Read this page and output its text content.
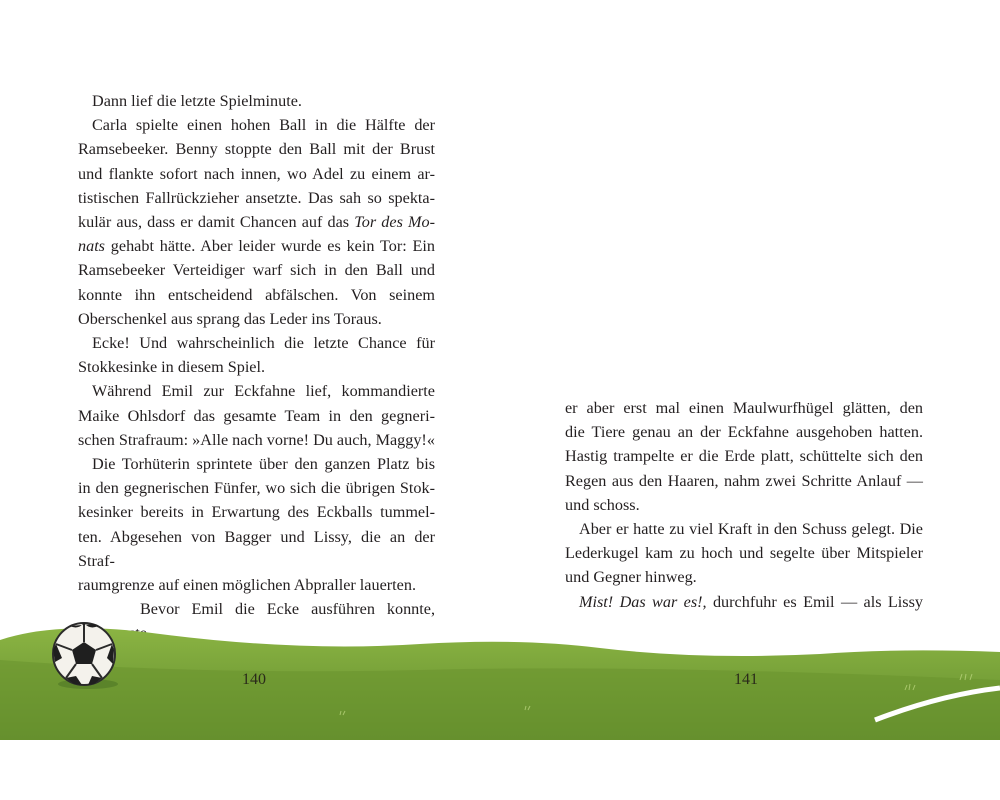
Dann lief die letzte Spielminute.

Carla spielte einen hohen Ball in die Hälfte der
Ramsebeeker. Benny stoppte den Ball mit der Brust
und flankte sofort nach innen, wo Adel zu einem ar-
tistischen Fallrückzieher ansetzte. Das sah so spekta-
kulär aus, dass er damit Chancen auf das Tor des Mo-
nats gehabt hätte. Aber leider wurde es kein Tor: Ein
Ramsebeeker Verteidiger warf sich in den Ball und
konnte ihn entscheidend abfälschen. Von seinem
Oberschenkel aus sprang das Leder ins Toraus.

Ecke! Und wahrscheinlich die letzte Chance für
Stokkesinke in diesem Spiel.

Während Emil zur Eckfahne lief, kommandierte
Maike Ohlsdorf das gesamte Team in den gegneri-
schen Strafraum: »Alle nach vorne! Du auch, Maggy!«

Die Torhüterin sprintete über den ganzen Platz bis
in den gegnerischen Fünfer, wo sich die übrigen Stok-
kesinker bereits in Erwartung des Eckballs tummel-
ten. Abgesehen von Bagger und Lissy, die an der Straf-
raumgrenze auf einen möglichen Abpraller lauerten.

Bevor Emil die Ecke ausführen konnte,

er aber erst mal einen Maulwurfhügel glätten, den
die Tiere genau an der Eckfahne ausgehoben hatten.
Hastig trampelte er die Erde platt, schüttelte sich den
Regen aus den Haaren, nahm zwei Schritte Anlauf —
und schoss.

Aber er hatte zu viel Kraft in den Schuss gelegt. Die
Lederkugel kam zu hoch und segelte über Mitspieler
und Gegner hinweg.

Mist! Das war es!, durchfuhr es Emil — als Lissy

140	141
